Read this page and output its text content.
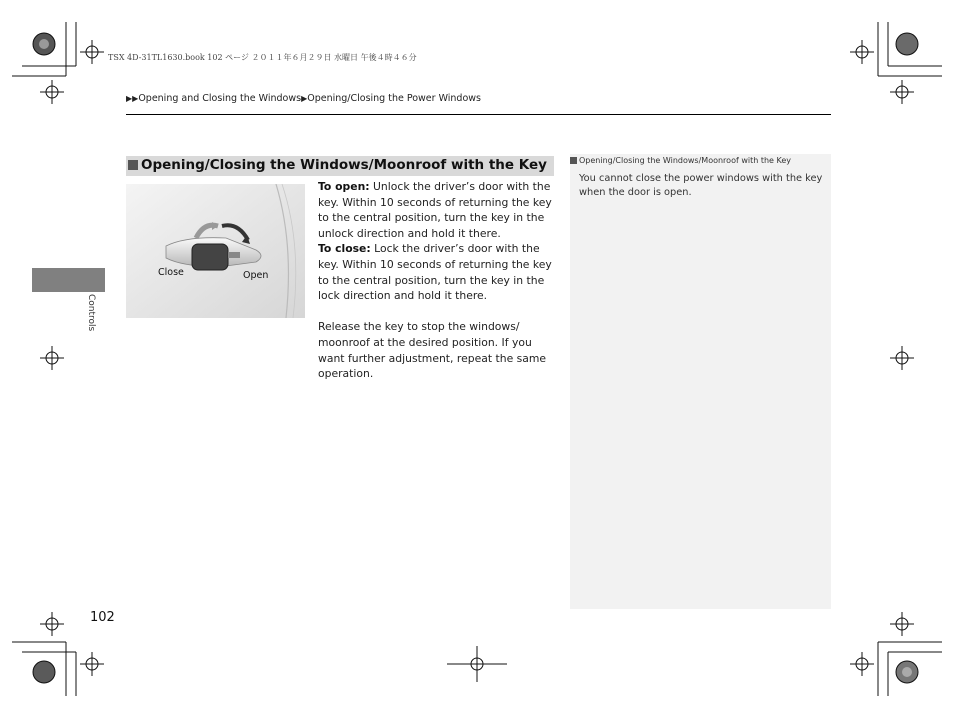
TSX 4D-31TL1630.book 102 ページ ２０１１年６月２９日 水曜日 午後４時４６分
▶▶Opening and Closing the Windows▶Opening/Closing the Power Windows
Controls
Opening/Closing the Windows/Moonroof with the Key
Close	Open

To open: Unlock the driver’s door with the key. Within 10 seconds of returning the key to the central position, turn the key in the unlock direction and hold it there.

To close: Lock the driver’s door with the key. Within 10 seconds of returning the key to the central position, turn the key in the lock direction and hold it there.

Release the key to stop the windows/ moonroof at the desired position. If you want further adjustment, repeat the same operation.

Opening/Closing the Windows/Moonroof with the Key
You cannot close the power windows with the key when the door is open.
102
